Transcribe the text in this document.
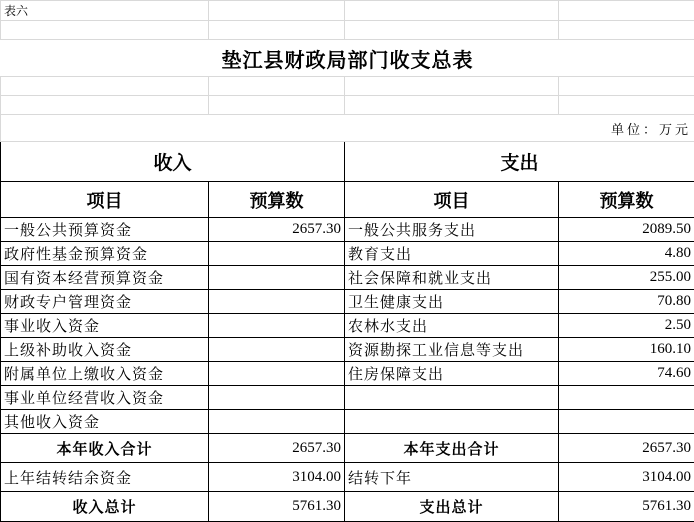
表六			

垫江县财政局部门收支总表			

单位：万元			
收入		支出	
项目	预算数	项目	预算数
一般公共预算资金	2657.30	一般公共服务支出	2089.50
政府性基金预算资金		教育支出	4.80
国有资本经营预算资金		社会保障和就业支出	255.00
财政专户管理资金		卫生健康支出	70.80
事业收入资金		农林水支出	2.50
上级补助收入资金		资源勘探工业信息等支出	160.10
附属单位上缴收入资金		住房保障支出	74.60
事业单位经营收入资金			
其他收入资金			
本年收入合计	2657.30	本年支出合计	2657.30
上年结转结余资金	3104.00	结转下年	3104.00
收入总计	5761.30	支出总计	5761.30
